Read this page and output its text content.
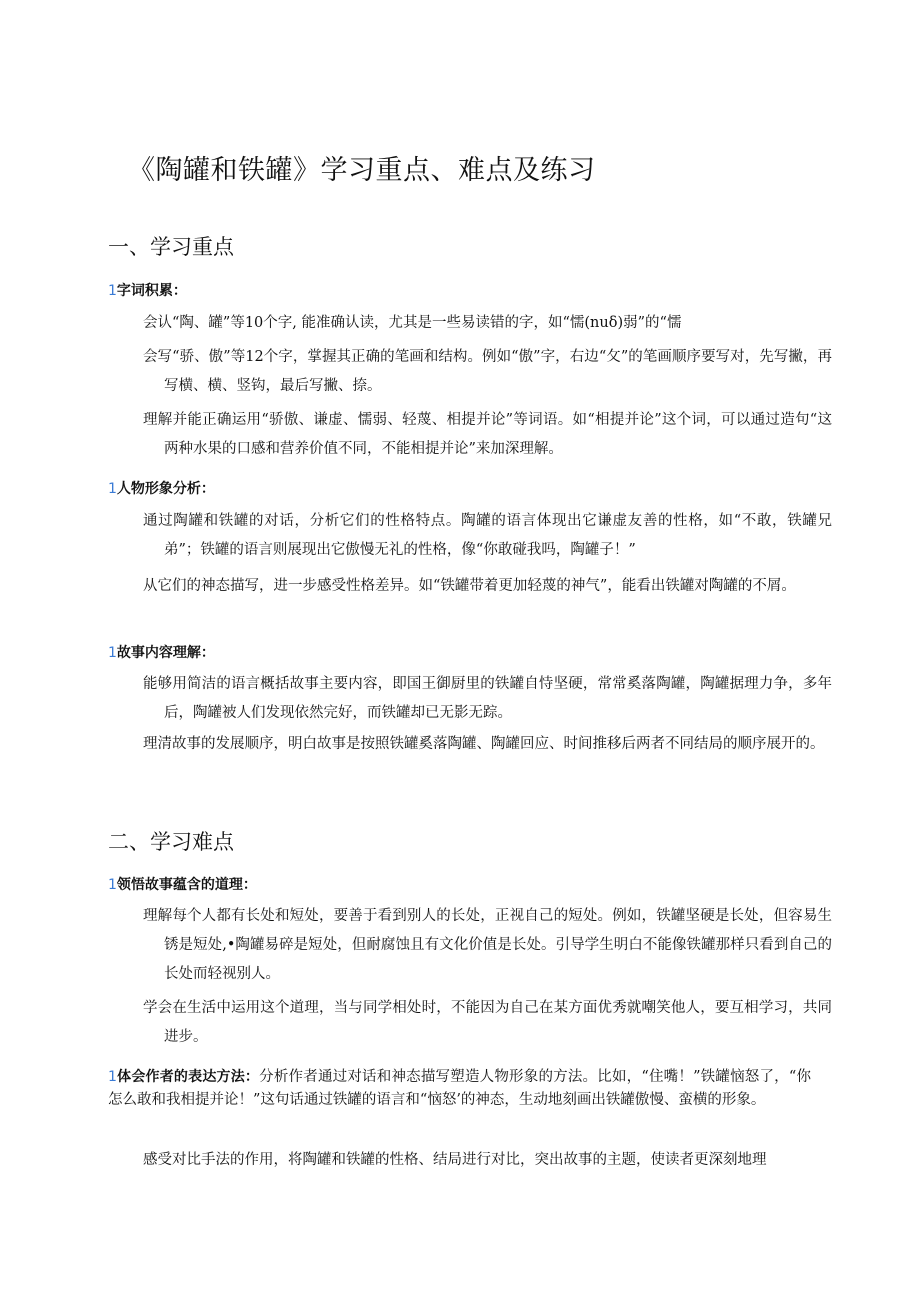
《陶罐和铁罐》学习重点、难点及练习
一、学习重点
1字词积累：

会认“陶、罐”等10个字, 能准确认读，尤其是一些易读错的字，如“懦(nuδ)弱”的“懦

会写“骄、傲”等12个字，掌握其正确的笔画和结构。例如“傲”字，右边“攵”的笔画顺序要写对，先写撇，再写横、横、竖钩，最后写撇、捺。

理解并能正确运用“骄傲、谦虚、懦弱、轻蔑、相提并论”等词语。如“相提并论”这个词，可以通过造句“这两种水果的口感和营养价值不同，不能相提并论”来加深理解。

1人物形象分析：

通过陶罐和铁罐的对话，分析它们的性格特点。陶罐的语言体现出它谦虚友善的性格，如“不敢，铁罐兄弟”；铁罐的语言则展现出它傲慢无礼的性格，像“你敢碰我吗，陶罐子！”

从它们的神态描写，进一步感受性格差异。如“铁罐带着更加轻蔑的神气”，能看出铁罐对陶罐的不屑。

1故事内容理解：

能够用简洁的语言概括故事主要内容，即国王御厨里的铁罐自恃坚硬，常常奚落陶罐，陶罐据理力争，多年后，陶罐被人们发现依然完好，而铁罐却已无影无踪。

理清故事的发展顺序，明白故事是按照铁罐奚落陶罐、陶罐回应、时间推移后两者不同结局的顺序展开的。

二、学习难点
1领悟故事蕴含的道理：

理解每个人都有长处和短处，要善于看到别人的长处，正视自己的短处。例如，铁罐坚硬是长处，但容易生锈是短处,•陶罐易碎是短处，但耐腐蚀且有文化价值是长处。引导学生明白不能像铁罐那样只看到自己的长处而轻视别人。

学会在生活中运用这个道理，当与同学相处时，不能因为自己在某方面优秀就嘲笑他人，要互相学习，共同进步。

1体会作者的表达方法：分析作者通过对话和神态描写塑造人物形象的方法。比如，“住嘴！”铁罐恼怒了，“你怎么敢和我相提并论！”这句话通过铁罐的语言和“恼怒’的神态，生动地刻画出铁罐傲慢、蛮横的形象。

感受对比手法的作用，将陶罐和铁罐的性格、结局进行对比，突出故事的主题，使读者更深刻地理
